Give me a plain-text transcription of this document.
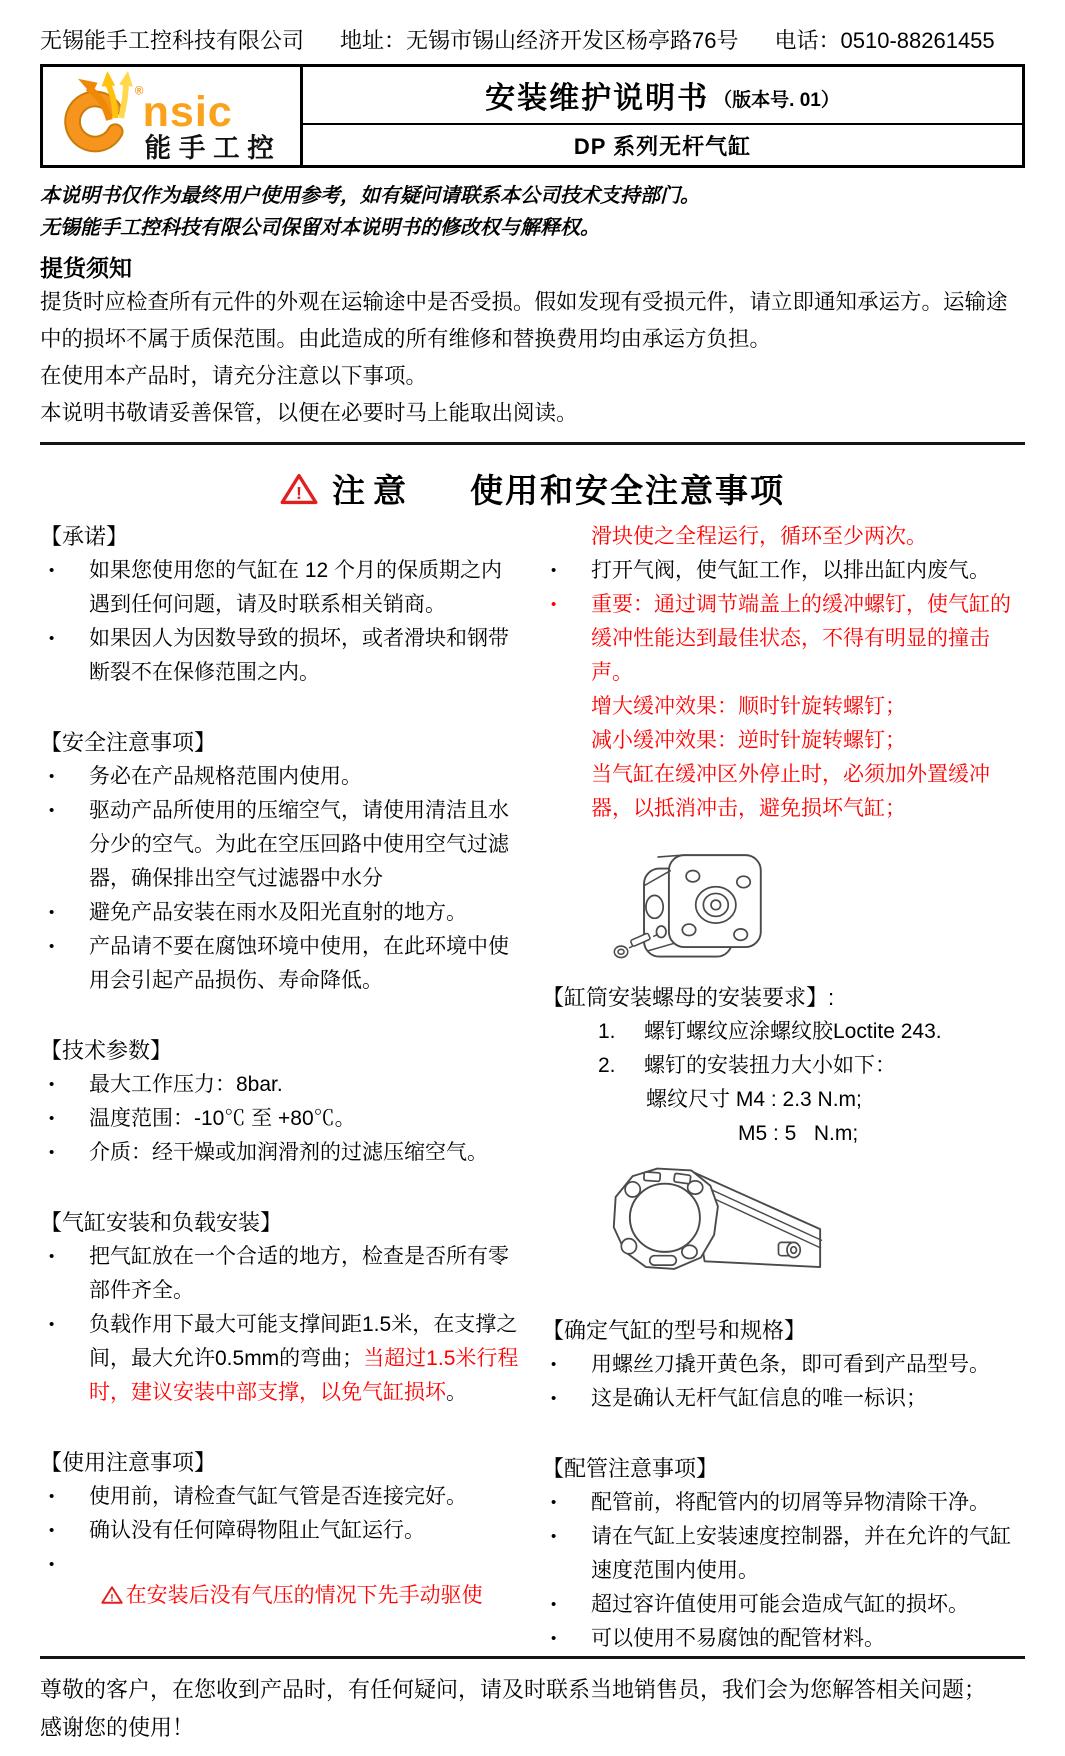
无锡能手工控科技有限公司 地址：无锡市锡山经济开发区杨亭路76号 电话：0510-88261455
® nsic
能手工控
安装维护说明书 （版本号. 01）
DP 系列无杆气缸
本说明书仅作为最终用户使用参考，如有疑问请联系本公司技术支持部门。
无锡能手工控科技有限公司保留对本说明书的修改权与解释权。
提货须知
提货时应检查所有元件的外观在运输途中是否受损。假如发现有受损元件，请立即通知承运方。运输途中的损坏不属于质保范围。由此造成的所有维修和替换费用均由承运方负担。
在使用本产品时，请充分注意以下事项。
本说明书敬请妥善保管，以便在必要时马上能取出阅读。
! 注意 使用和安全注意事项
【承诺】
•	如果您使用您的气缸在 12 个月的保质期之内遇到任何问题，请及时联系相关销商。
•	如果因人为因数导致的损坏，或者滑块和钢带断裂不在保修范围之内。
【安全注意事项】
•	务必在产品规格范围内使用。
•	驱动产品所使用的压缩空气，请使用清洁且水分少的空气。为此在空压回路中使用空气过滤器，确保排出空气过滤器中水分
•	避免产品安装在雨水及阳光直射的地方。
•	产品请不要在腐蚀环境中使用，在此环境中使用会引起产品损伤、寿命降低。
【技术参数】
•	最大工作压力：8bar.
•	温度范围：-10℃ 至 +80℃。
•	介质：经干燥或加润滑剂的过滤压缩空气。
【气缸安装和负载安装】
•	把气缸放在一个合适的地方，检查是否所有零部件齐全。
•	负载作用下最大可能支撑间距1.5米，在支撑之间，最大允许0.5mm的弯曲；当超过1.5米行程时，建议安装中部支撑，以免气缸损坏。
【使用注意事项】
•	使用前，请检查气缸气管是否连接完好。
•	确认没有任何障碍物阻止气缸运行。
•

! 在安装后没有气压的情况下先手动驱使
滑块使之全程运行，循环至少两次。
•	打开气阀，使气缸工作，以排出缸内废气。
•	重要：通过调节端盖上的缓冲螺钉，使气缸的缓冲性能达到最佳状态，不得有明显的撞击声。
增大缓冲效果：顺时针旋转螺钉；
减小缓冲效果：逆时针旋转螺钉；
当气缸在缓冲区外停止时，必须加外置缓冲器，以抵消冲击，避免损坏气缸；
【缸筒安装螺母的安装要求】:
1.	螺钉螺纹应涂螺纹胶Loctite 243.
2.	螺钉的安装扭力大小如下：
螺纹尺寸 M4 : 2.3 N.m;
M5 : 5   N.m;
【确定气缸的型号和规格】
•	用螺丝刀撬开黄色条，即可看到产品型号。
•	这是确认无杆气缸信息的唯一标识；
【配管注意事项】
•	配管前，将配管内的切屑等异物清除干净。
•	请在气缸上安装速度控制器，并在允许的气缸速度范围内使用。
•	超过容许值使用可能会造成气缸的损坏。
•	可以使用不易腐蚀的配管材料。
尊敬的客户，在您收到产品时，有任何疑问，请及时联系当地销售员，我们会为您解答相关问题；
感谢您的使用！
